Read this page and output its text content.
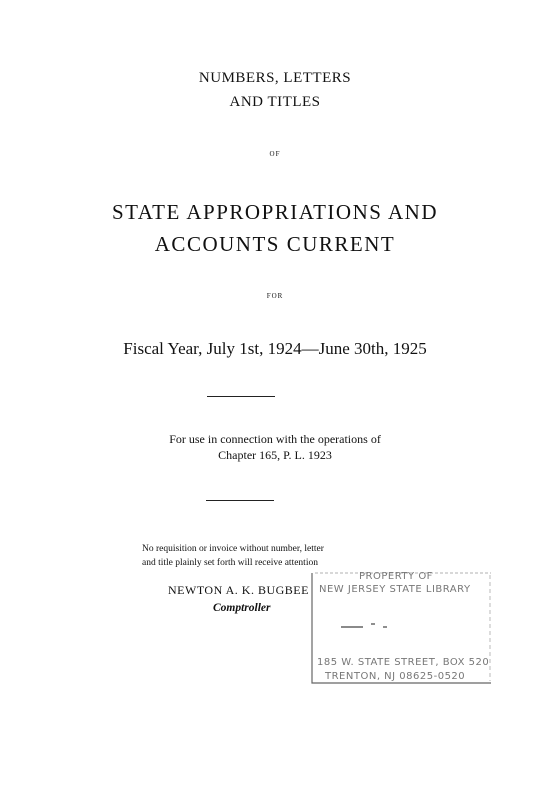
NUMBERS, LETTERS
AND TITLES
OF
STATE APPROPRIATIONS AND
ACCOUNTS CURRENT
FOR
Fiscal Year, July 1st, 1924—June 30th, 1925
For use in connection with the operations of
Chapter 165, P. L. 1923
No requisition or invoice without number, letter
and title plainly set forth will receive attention
NEWTON A. K. BUGBEE
Comptroller
PROPERTY OF
NEW JERSEY STATE LIBRARY
185 W. STATE STREET, BOX 520
TRENTON, NJ 08625-0520
